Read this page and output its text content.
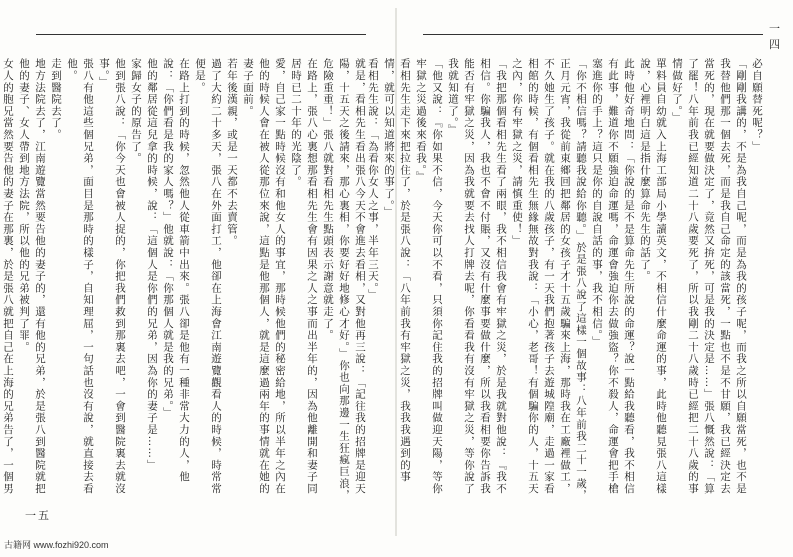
就是，看相先生看出張八今天不會進去看相，又對他再三說：「記往我的招牌是迎天陽，十五天之後請來，那心裏相，你要好好地修心才好。」你也向那邊一生狂瘋巨浪，危險重重！」張八就對看相先生點頭表示謝意就走了。
在路上，張八心裏想那看相先生會有因果之人之事而出半年的，因為他離開和妻子同居時已二十年的光陰了。
愛，自己家一點時候沒有和他女人的事宜，那時候他們的秘密給地，所以半年之內在他的時候人會在被人從那位來說，這點是他那個人，就是這麼過兩年的事情就在她的妻子面前。
若年後漢親，或是一天都不去賣管。
過了大約二十多天，張八在外面打工，他卻在上海會江南遊覽觀看人的時候，時常常便是。
在路上打到的時候，忽然他人從車箭中出來。張八卻是他有一種非常大力的人，他說：「你們看是我的家人嗎？」他就說：「你那個人就是我的兄弟。」
他的鄰居從這兒拿的時候，說：「這個人是你們的兄弟，因為你的妻子是……」
家歸女子的原告了。
他到張八說：「你今天也會被人捉的，你把我們救到那裏去吧，一會到醫院裏去就沒事。」
張八有他這些個兄弟，面目是那時的樣子，自知理屈，一句話也沒有說，就直接去看他。
走到醫院去了。
地方法院去了，江南遊覽當然要告他的妻子的，還有他的兄弟，於是張八到醫院就把他的妻子、女人帶到地方法院，所以他的兄弟被判了罪。
女人的胞兄當然要告他的妻子在那裏，於是張八就把自己在上海的兄弟告了，一個男

一五
必自願替死呢？」
「剛剛我講的，不是為我自己呢，而是為我的孩子呢，而我之所以自願當死，也不是我替他們那一個去死，而是我自己命定的該當死，一點也不是不甘願，我已經決定去當死的，現在就要做決定了，竟然又拚死，可是我的決定是……」張八慨然說：「算了罷！八年前我已經知道二十八歲要死了，所以我剛二十八歲時已經把二十八歲的事情做好了。」
單料員自幼就入上海工部局小學讀英文，不相信什麼命運的事，此時他聽見張八這樣說，心裡明白這是指什麼算命先生的話了。
此時他好奇地問：「你說的是不是算命先生所說的命運？說一點給我聽看，我不相信有此事，難道你不願強迫命運嗎，命運會強迫你去做強盜？你不殺人，命運會把手槍塞進你的手上？這只是你的自說自話的事，我不相信。」
「你不相信嗎？請聽我說給你聽。」於是張八說了這樣一個故事：八年前我二十一歲，正月元宵，我從前東鄉回把鄰居的女孩子才十五歲騙來上海，那時我在工廠裡做工，不久她生了孩子。就在我的八歲孩子，有一天我們抱著孩子去遊城隍廟，走過一家看相館的時候，有個看相先生無緣無故對我說：「小心，老哥！有個騙你的人，十五天之內，你有牢獄之災，請慎重使！」
「我把那個看相先生看了兩眼，我不相信我會有牢獄之災，於是我就對他說：『我不相信。你騙我人，我也不會不付賬，又沒有什麼事要做什麼，所以我看相要你告訴我能否有牢獄之災，因為我就要去找人打牌去呢，你看看我有沒有牢獄之災，等你說了我就知道了。』
「他又說：『你如果不信，今天你可以不看，只須你記住我的招牌叫做迎天陽，等你牢獄之災過後來看我。』
看相先生走下來把拉住了，於是張八說：「八年前我有牢獄之災，我我我遇到的事情，就可以知道將來的事了。」
看相先生說：「為看你女人之事，半年三天。」
一四
古籍网 www.fozhi920.com
